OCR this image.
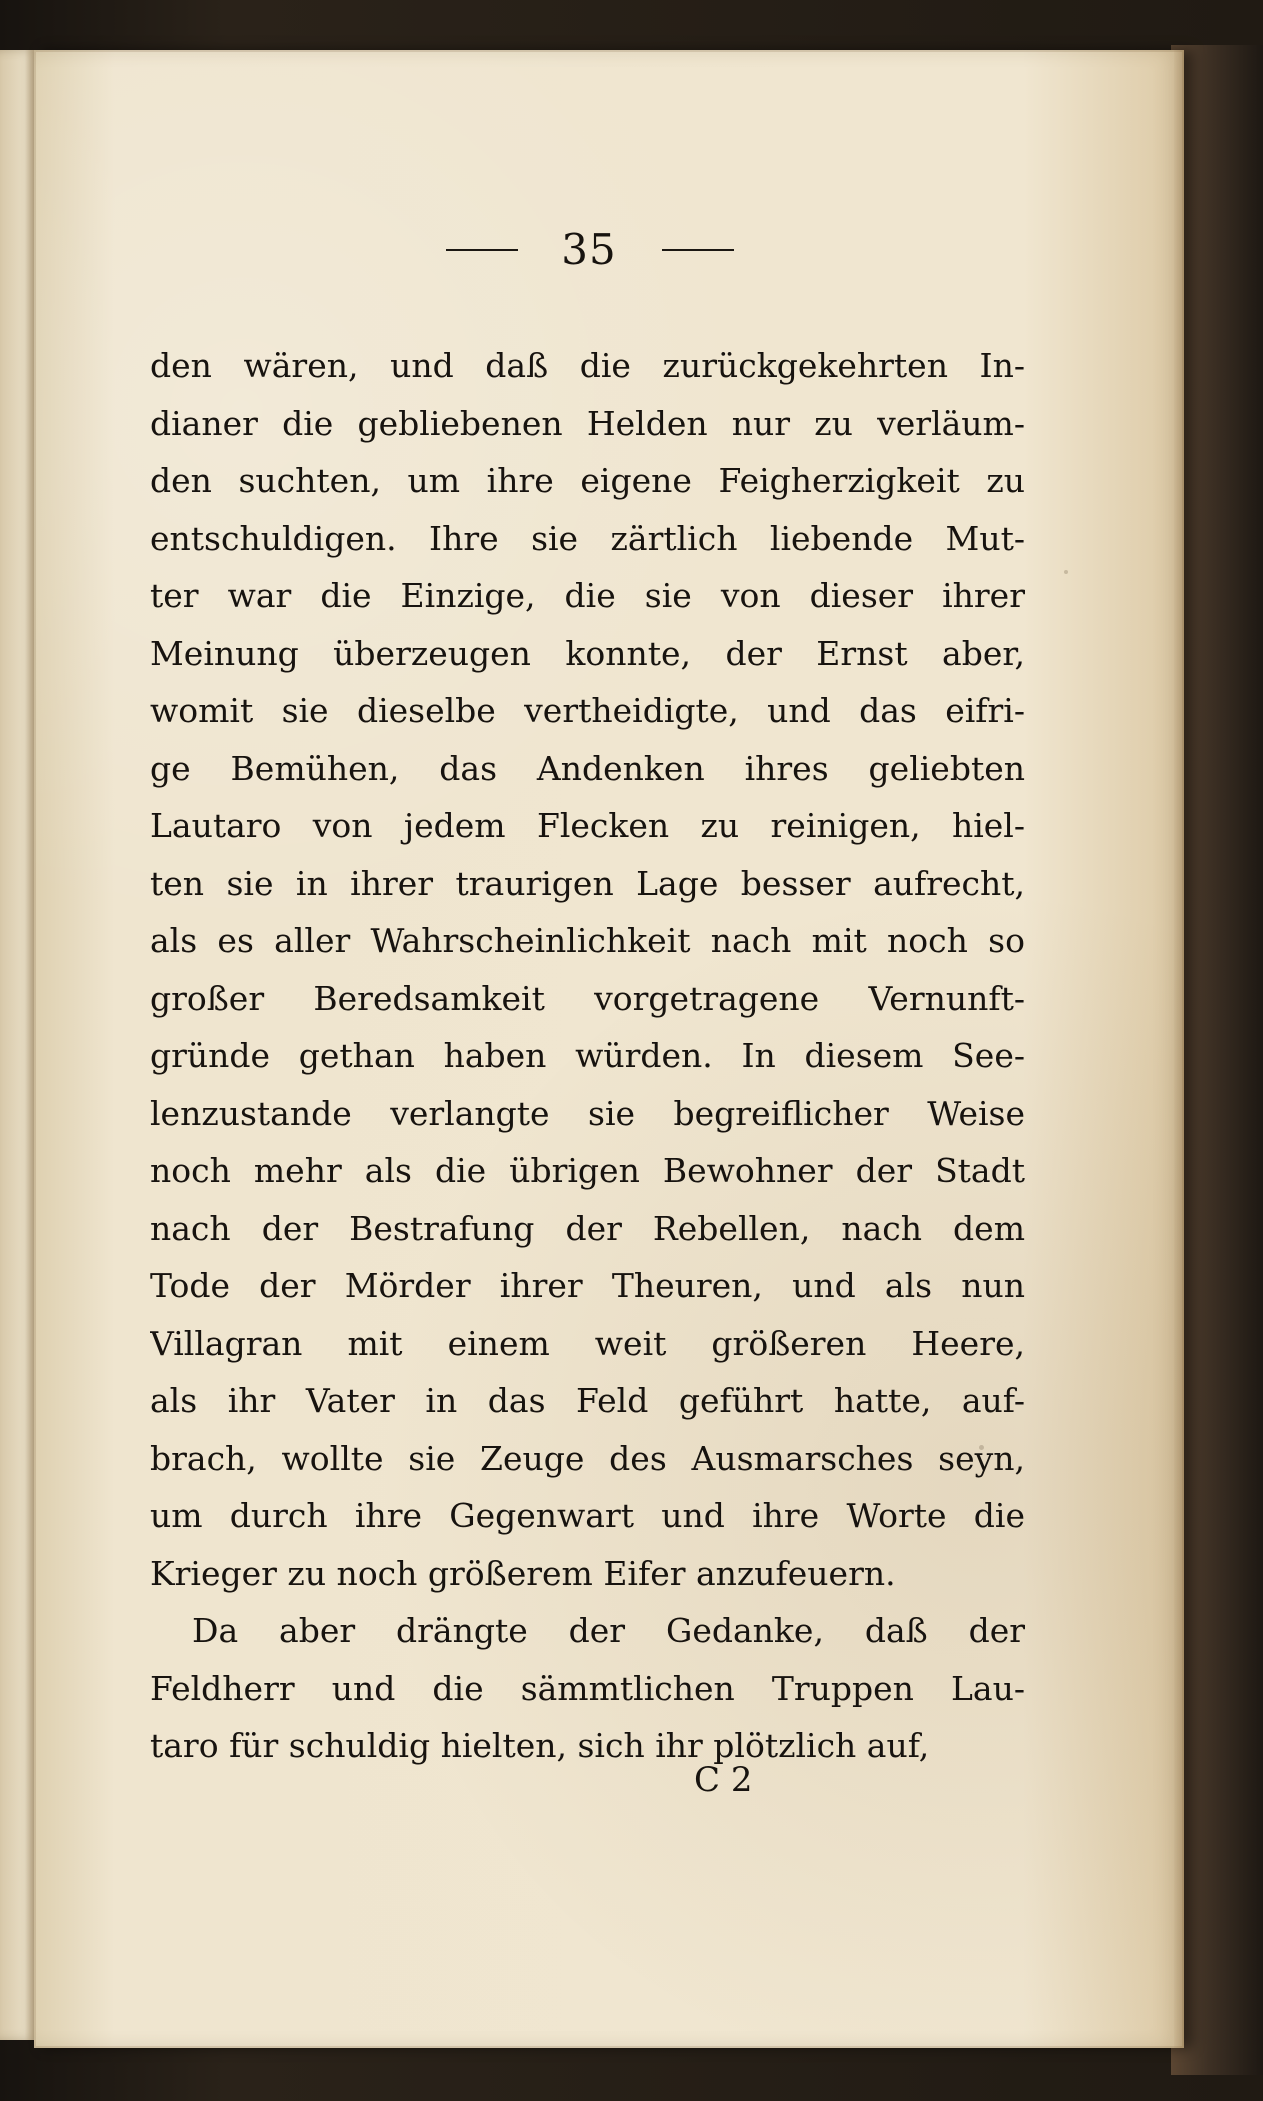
35
den wären, und daß die zurückgekehrten In-
dianer die gebliebenen Helden nur zu verläum-
den suchten, um ihre eigene Feigherzigkeit zu
entschuldigen. Ihre sie zärtlich liebende Mut-
ter war die Einzige, die sie von dieser ihrer
Meinung überzeugen konnte, der Ernst aber,
womit sie dieselbe vertheidigte, und das eifri-
ge Bemühen, das Andenken ihres geliebten
Lautaro von jedem Flecken zu reinigen, hiel-
ten sie in ihrer traurigen Lage besser aufrecht,
als es aller Wahrscheinlichkeit nach mit noch so
großer Beredsamkeit vorgetragene Vernunft-
gründe gethan haben würden. In diesem See-
lenzustande verlangte sie begreiflicher Weise
noch mehr als die übrigen Bewohner der Stadt
nach der Bestrafung der Rebellen, nach dem
Tode der Mörder ihrer Theuren, und als nun
Villagran mit einem weit größeren Heere,
als ihr Vater in das Feld geführt hatte, auf-
brach, wollte sie Zeuge des Ausmarsches seyn,
um durch ihre Gegenwart und ihre Worte die
Krieger zu noch größerem Eifer anzufeuern.
Da aber drängte der Gedanke, daß der
Feldherr und die sämmtlichen Truppen Lau-
taro für schuldig hielten, sich ihr plötzlich auf,
C 2
